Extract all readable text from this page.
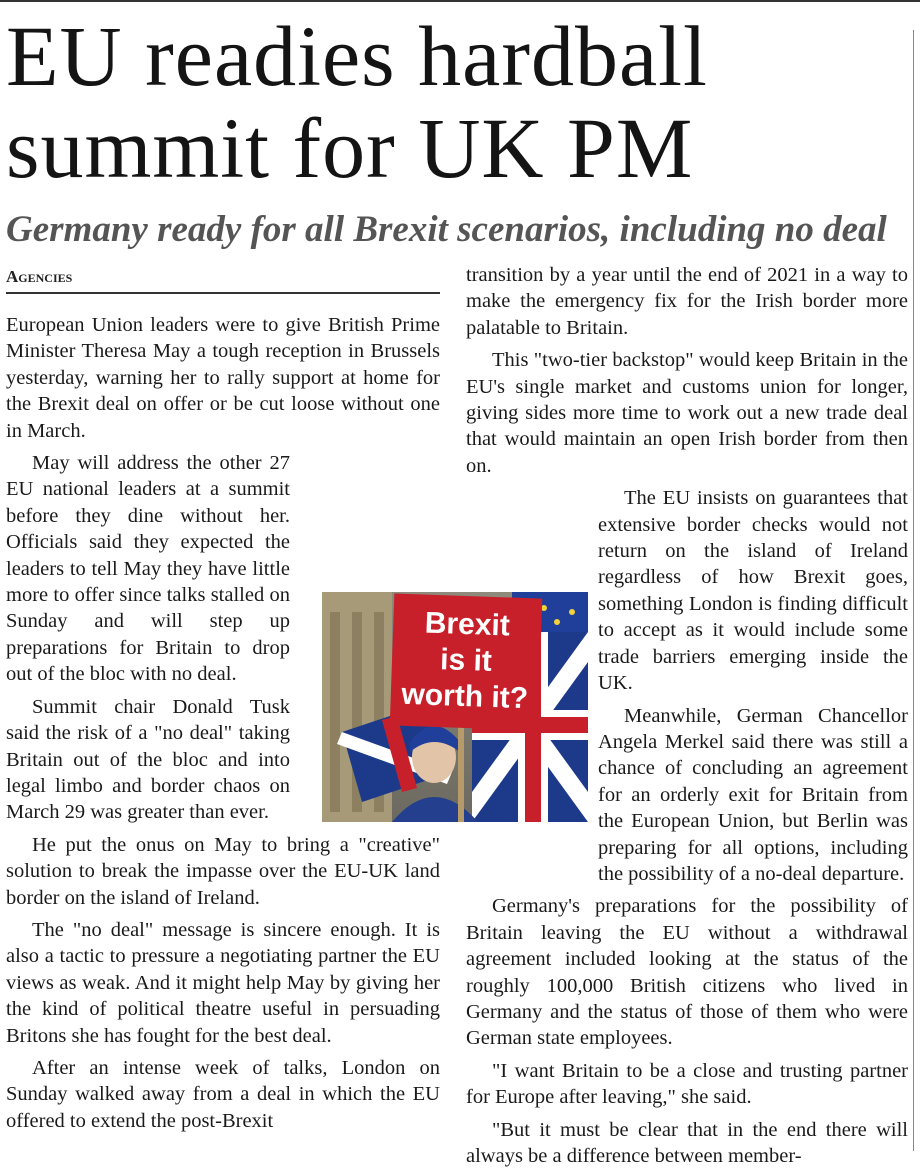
EU readies hardball
summit for UK PM
Germany ready for all Brexit scenarios, including no deal
Agencies

European Union leaders were to give British Prime Minister Theresa May a tough reception in Brussels yesterday, warning her to rally support at home for the Brexit deal on offer or be cut loose without one in March.

May will address the other 27 EU national leaders at a summit before they dine without her. Officials said they expected the leaders to tell May they have little more to offer since talks stalled on Sunday and will step up preparations for Britain to drop out of the bloc with no deal.

Summit chair Donald Tusk said the risk of a "no deal" taking Britain out of the bloc and into legal limbo and border chaos on March 29 was greater than ever.

He put the onus on May to bring a "creative" solution to break the impasse over the EU-UK land border on the island of Ireland.

The "no deal" message is sincere enough. It is also a tactic to pressure a negotiating partner the EU views as weak. And it might help May by giving her the kind of political theatre useful in persuading Britons she has fought for the best deal.

After an intense week of talks, London on Sunday walked away from a deal in which the EU offered to extend the post-Brexit

transition by a year until the end of 2021 in a way to make the emergency fix for the Irish border more palatable to Britain.

This "two-tier backstop" would keep Britain in the EU's single market and customs union for longer, giving sides more time to work out a new trade deal that would maintain an open Irish border from then on.

The EU insists on guarantees that extensive border checks would not return on the island of Ireland regardless of how Brexit goes, something London is finding difficult to accept as it would include some trade barriers emerging inside the UK.

Meanwhile, German Chancellor Angela Merkel said there was still a chance of concluding an agreement for an orderly exit for Britain from the European Union, but Berlin was preparing for all options, including the possibility of a no-deal departure.

Germany's preparations for the possibility of Britain leaving the EU without a withdrawal agreement included looking at the status of the roughly 100,000 British citizens who lived in Germany and the status of those of them who were German state employees.

"I want Britain to be a close and trusting partner for Europe after leaving," she said.

"But it must be clear that in the end there will always be a difference between member-

Brexit
is it
worth it?
